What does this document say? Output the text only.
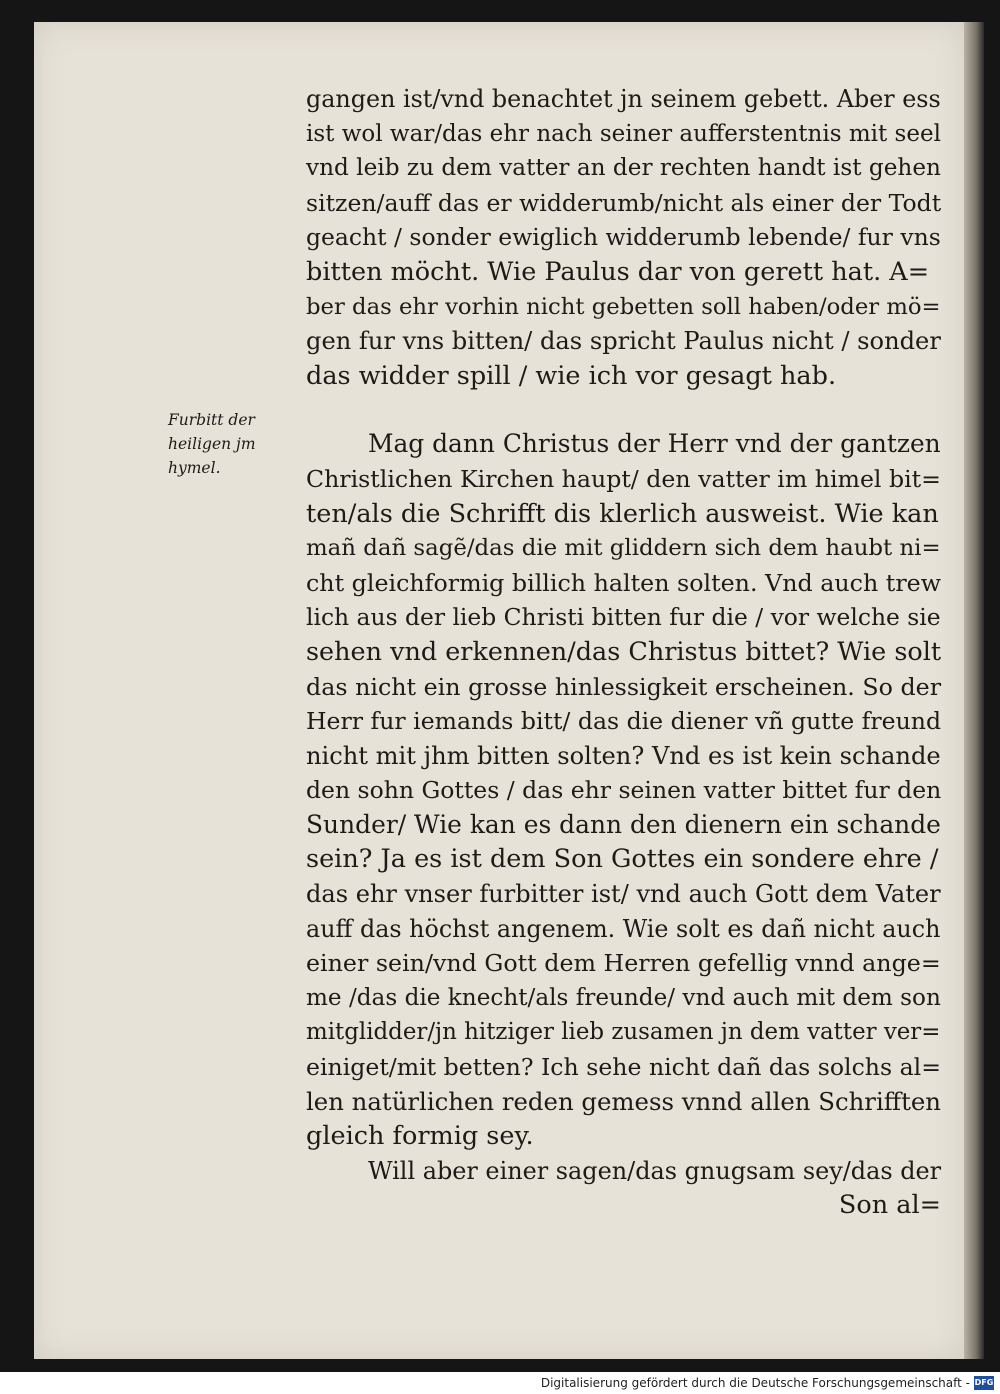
Furbitt der
heiligen jm
hymel.
gangen ist/vnd benachtet jn seinem gebett. Aber ess
ist wol war/das ehr nach seiner aufferstentnis mit seel
vnd leib zu dem vatter an der rechten handt ist gehen
sitzen/auff das er widderumb/nicht als einer der Todt
geacht / sonder ewiglich widderumb lebende/ fur vns
bitten möcht. Wie Paulus dar von gerett hat. A=
ber das ehr vorhin nicht gebetten soll haben/oder mö=
gen fur vns bitten/ das spricht Paulus nicht / sonder
das widder spill / wie ich vor gesagt hab.
Mag dann Christus der Herr vnd der gantzen
Christlichen Kirchen haupt/ den vatter im himel bit=
ten/als die Schrifft dis klerlich ausweist. Wie kan
mañ dañ sagẽ/das die mit gliddern sich dem haubt ni=
cht gleichformig billich halten solten. Vnd auch trew
lich aus der lieb Christi bitten fur die / vor welche sie
sehen vnd erkennen/das Christus bittet? Wie solt
das nicht ein grosse hinlessigkeit erscheinen. So der
Herr fur iemands bitt/ das die diener vñ gutte freund
nicht mit jhm bitten solten? Vnd es ist kein schande
den sohn Gottes / das ehr seinen vatter bittet fur den
Sunder/ Wie kan es dann den dienern ein schande
sein? Ja es ist dem Son Gottes ein sondere ehre /
das ehr vnser furbitter ist/ vnd auch Gott dem Vater
auff das höchst angenem. Wie solt es dañ nicht auch
einer sein/vnd Gott dem Herren gefellig vnnd ange=
me /das die knecht/als freunde/ vnd auch mit dem son
mitglidder/jn hitziger lieb zusamen jn dem vatter ver=
einiget/mit betten? Ich sehe nicht dañ das solchs al=
len natürlichen reden gemess vnnd allen Schrifften
gleich formig sey.
Will aber einer sagen/das gnugsam sey/das der
Son al=
Digitalisierung gefördert durch die Deutsche Forschungsgemeinschaft - DFG
